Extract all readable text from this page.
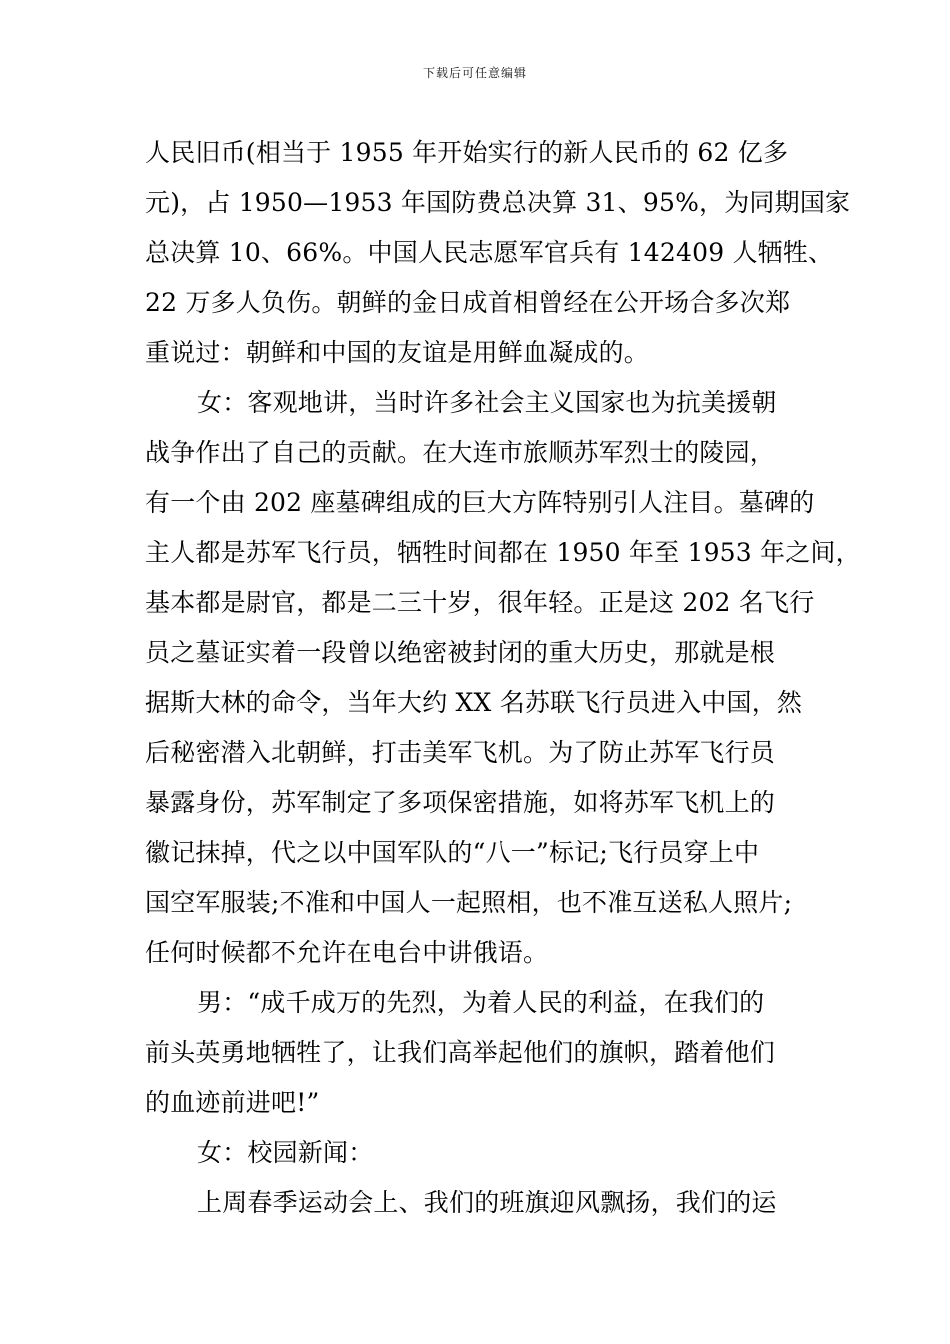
下载后可任意编辑
人民旧币(相当于 1955 年开始实行的新人民币的 62 亿多
元)，占 1950—1953 年国防费总决算 31、95%，为同期国家
总决算 10、66%。中国人民志愿军官兵有 142409 人牺牲、
22 万多人负伤。朝鲜的金日成首相曾经在公开场合多次郑
重说过：朝鲜和中国的友谊是用鲜血凝成的。
女：客观地讲，当时许多社会主义国家也为抗美援朝
战争作出了自己的贡献。在大连市旅顺苏军烈士的陵园，
有一个由 202 座墓碑组成的巨大方阵特别引人注目。墓碑的
主人都是苏军飞行员，牺牲时间都在 1950 年至 1953 年之间，
基本都是尉官，都是二三十岁，很年轻。正是这 202 名飞行
员之墓证实着一段曾以绝密被封闭的重大历史，那就是根
据斯大林的命令，当年大约 XX 名苏联飞行员进入中国，然
后秘密潜入北朝鲜，打击美军飞机。为了防止苏军飞行员
暴露身份，苏军制定了多项保密措施，如将苏军飞机上的
徽记抹掉，代之以中国军队的“八一”标记;飞行员穿上中
国空军服装;不准和中国人一起照相，也不准互送私人照片;
任何时候都不允许在电台中讲俄语。
男：“成千成万的先烈，为着人民的利益，在我们的
前头英勇地牺牲了，让我们高举起他们的旗帜，踏着他们
的血迹前进吧!”
女：校园新闻：
上周春季运动会上、我们的班旗迎风飘扬，我们的运
